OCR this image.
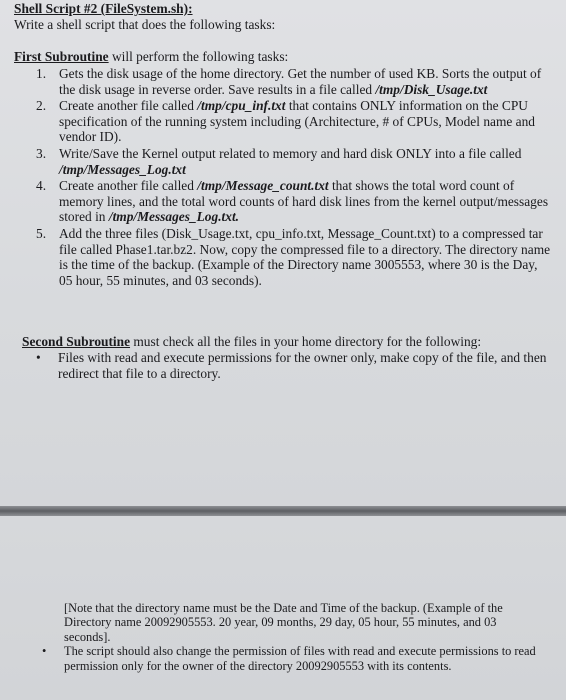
Shell Script #2 (FileSystem.sh):
Write a shell script that does the following tasks:
First Subroutine will perform the following tasks:
1. Gets the disk usage of the home directory. Get the number of used KB. Sorts the output of the disk usage in reverse order. Save results in a file called /tmp/Disk_Usage.txt
2. Create another file called /tmp/cpu_inf.txt that contains ONLY information on the CPU specification of the running system including (Architecture, # of CPUs, Model name and vendor ID).
3. Write/Save the Kernel output related to memory and hard disk ONLY into a file called /tmp/Messages_Log.txt
4. Create another file called /tmp/Message_count.txt that shows the total word count of memory lines, and the total word counts of hard disk lines from the kernel output/messages stored in /tmp/Messages_Log.txt.
5. Add the three files (Disk_Usage.txt, cpu_info.txt, Message_Count.txt) to a compressed tar file called Phase1.tar.bz2. Now, copy the compressed file to a directory. The directory name is the time of the backup. (Example of the Directory name 3005553, where 30 is the Day, 05 hour, 55 minutes, and 03 seconds).
Second Subroutine must check all the files in your home directory for the following:
• Files with read and execute permissions for the owner only, make copy of the file, and then redirect that file to a directory.
[Note that the directory name must be the Date and Time of the backup. (Example of the Directory name 20092905553. 20 year, 09 months, 29 day, 05 hour, 55 minutes, and 03 seconds].
• The script should also change the permission of files with read and execute permissions to read permission only for the owner of the directory 20092905553 with its contents.
